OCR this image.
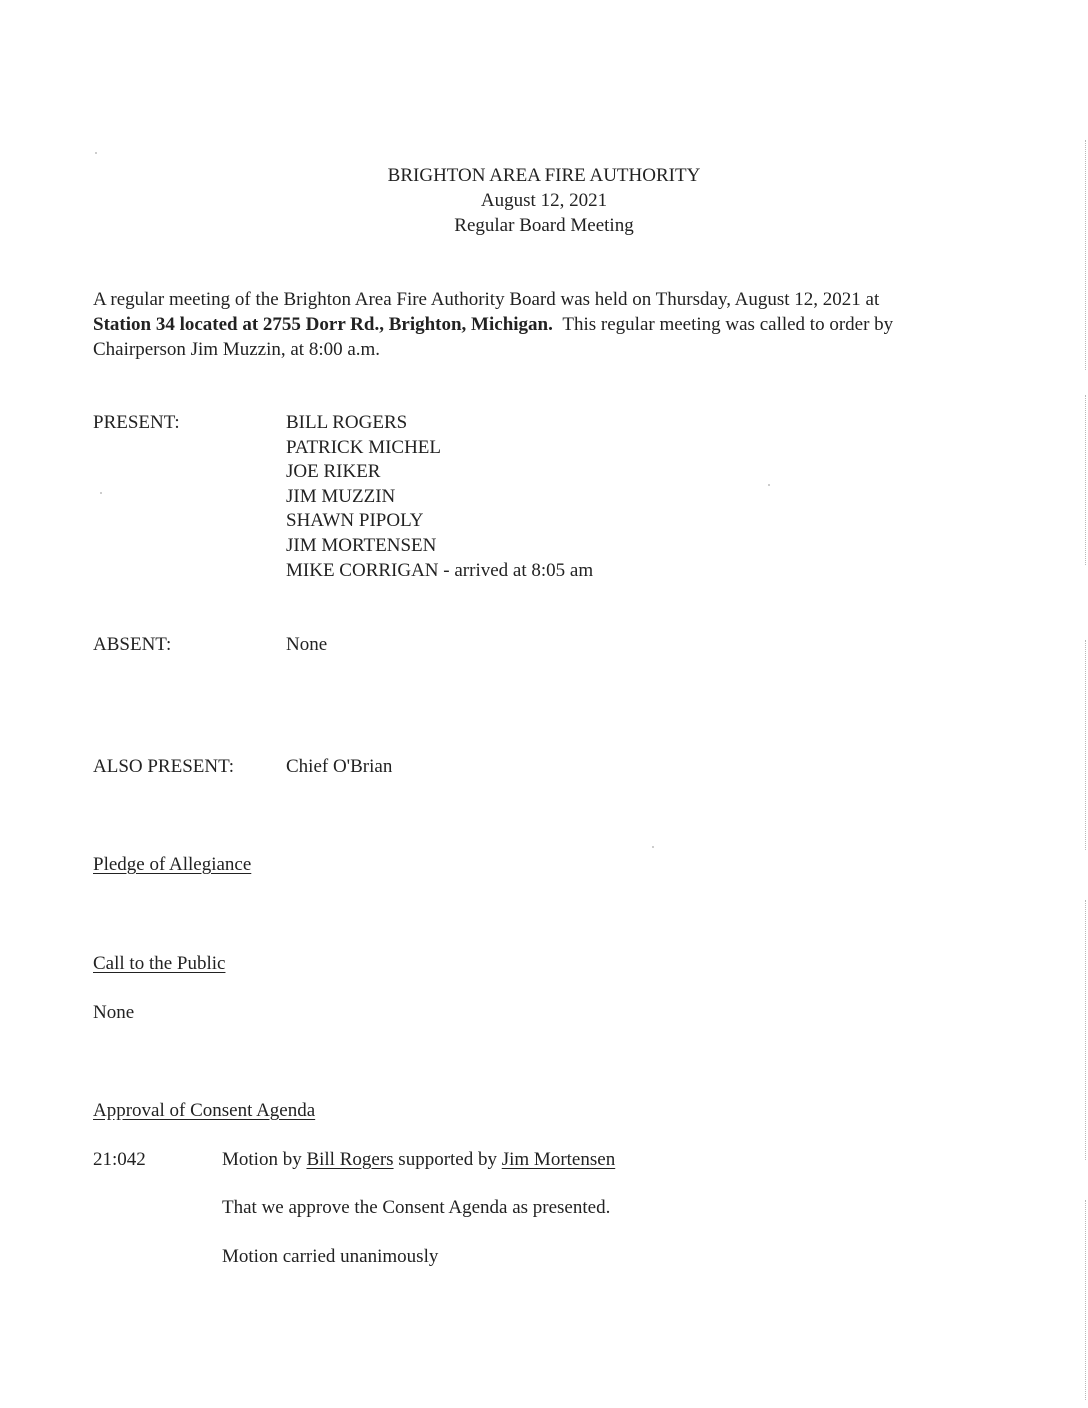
BRIGHTON AREA FIRE AUTHORITY
August 12, 2021
Regular Board Meeting
A regular meeting of the Brighton Area Fire Authority Board was held on Thursday, August 12, 2021 at
Station 34 located at 2755 Dorr Rd., Brighton, Michigan. This regular meeting was called to order by
Chairperson Jim Muzzin, at 8:00 a.m.
PRESENT:	BILL ROGERS
PATRICK MICHEL
JOE RIKER
JIM MUZZIN
SHAWN PIPOLY
JIM MORTENSEN
MIKE CORRIGAN - arrived at 8:05 am
ABSENT:	None
ALSO PRESENT:	Chief O'Brian
Pledge of Allegiance
Call to the Public
None
Approval of Consent Agenda
21:042	Motion by Bill Rogers supported by Jim Mortensen
That we approve the Consent Agenda as presented.
Motion carried unanimously
